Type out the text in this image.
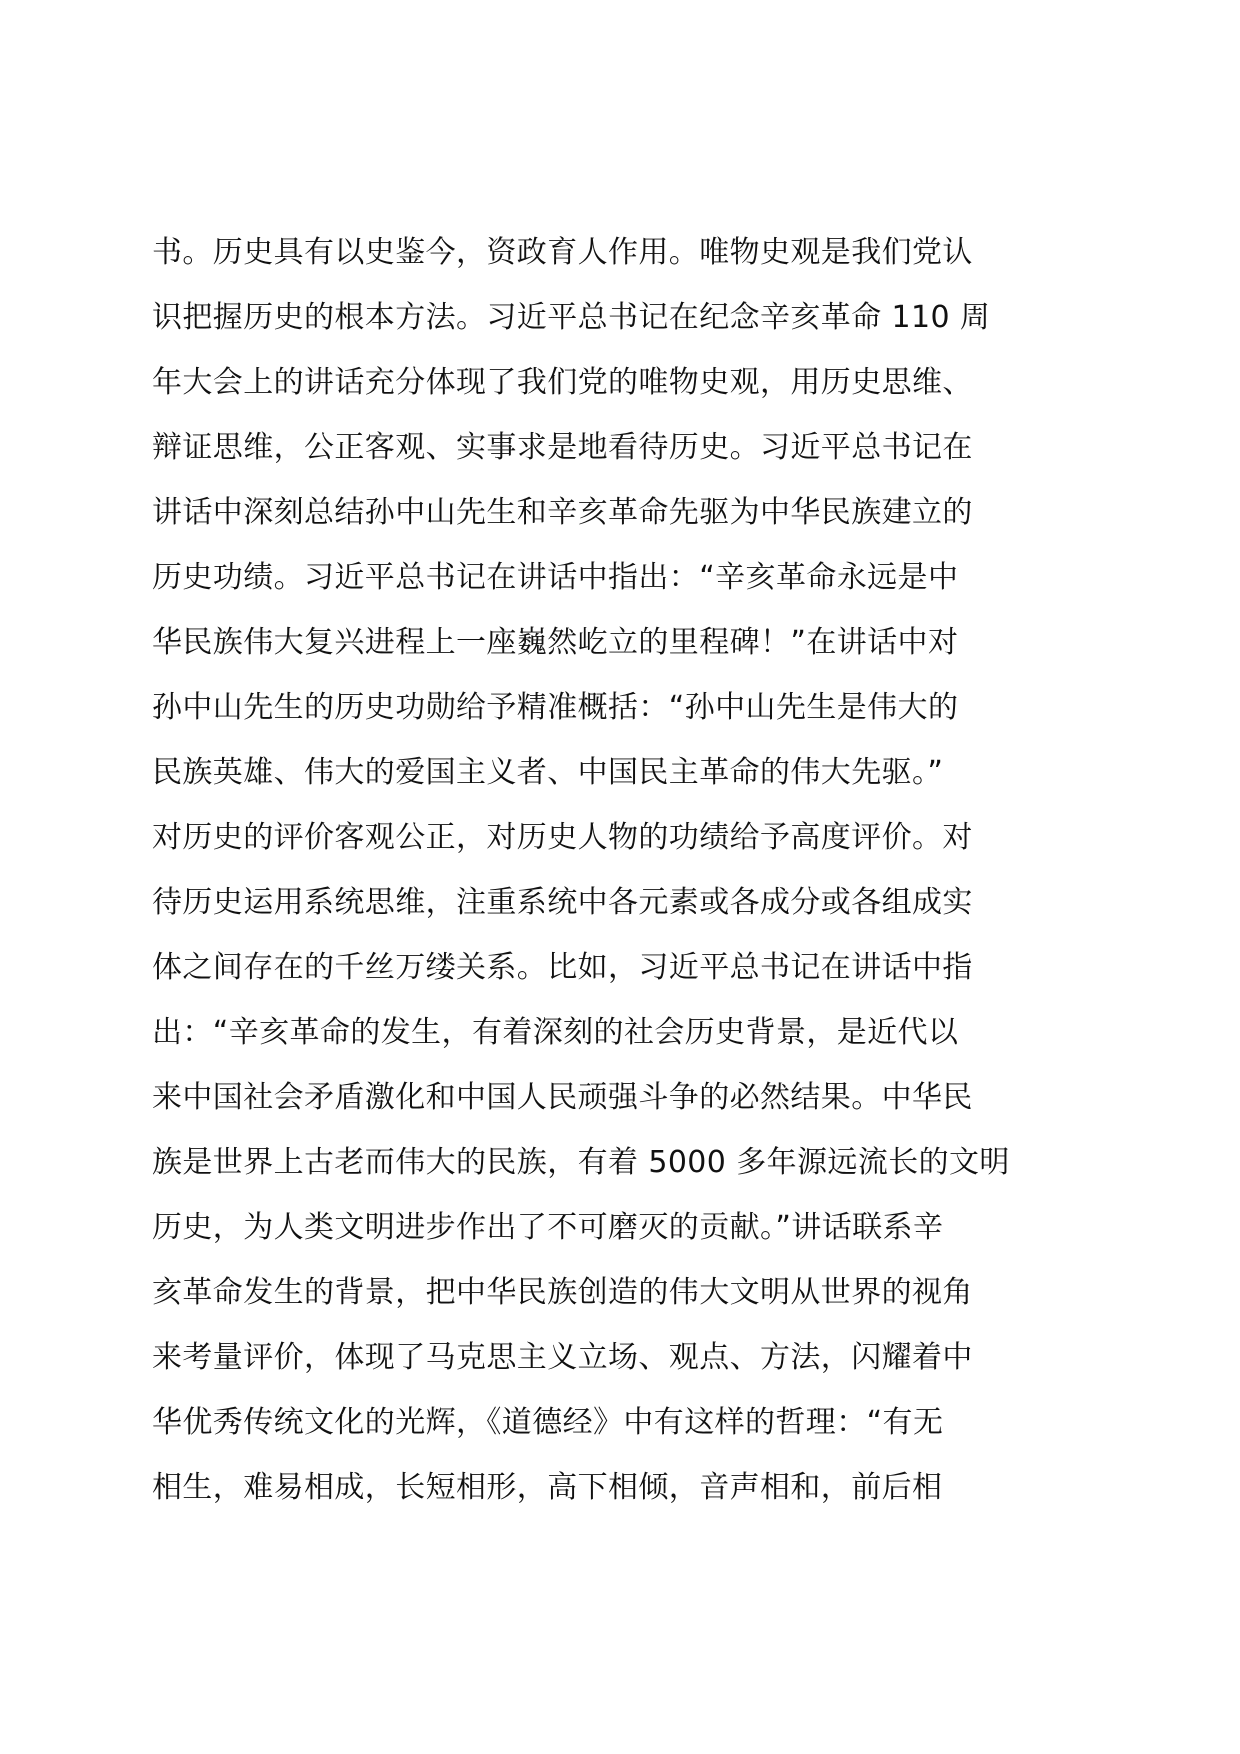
书。历史具有以史鉴今，资政育人作用。唯物史观是我们党认
识把握历史的根本方法。习近平总书记在纪念辛亥革命 110 周
年大会上的讲话充分体现了我们党的唯物史观，用历史思维、
辩证思维，公正客观、实事求是地看待历史。习近平总书记在
讲话中深刻总结孙中山先生和辛亥革命先驱为中华民族建立的
历史功绩。习近平总书记在讲话中指出：“辛亥革命永远是中
华民族伟大复兴进程上一座巍然屹立的里程碑！”在讲话中对
孙中山先生的历史功勋给予精准概括：“孙中山先生是伟大的
民族英雄、伟大的爱国主义者、中国民主革命的伟大先驱。”
对历史的评价客观公正，对历史人物的功绩给予高度评价。对
待历史运用系统思维，注重系统中各元素或各成分或各组成实
体之间存在的千丝万缕关系。比如，习近平总书记在讲话中指
出：“辛亥革命的发生，有着深刻的社会历史背景，是近代以
来中国社会矛盾激化和中国人民顽强斗争的必然结果。中华民
族是世界上古老而伟大的民族，有着 5000 多年源远流长的文明
历史，为人类文明进步作出了不可磨灭的贡献。”讲话联系辛
亥革命发生的背景，把中华民族创造的伟大文明从世界的视角
来考量评价，体现了马克思主义立场、观点、方法，闪耀着中
华优秀传统文化的光辉，《道德经》中有这样的哲理：“有无
相生，难易相成，长短相形，高下相倾，音声相和，前后相
